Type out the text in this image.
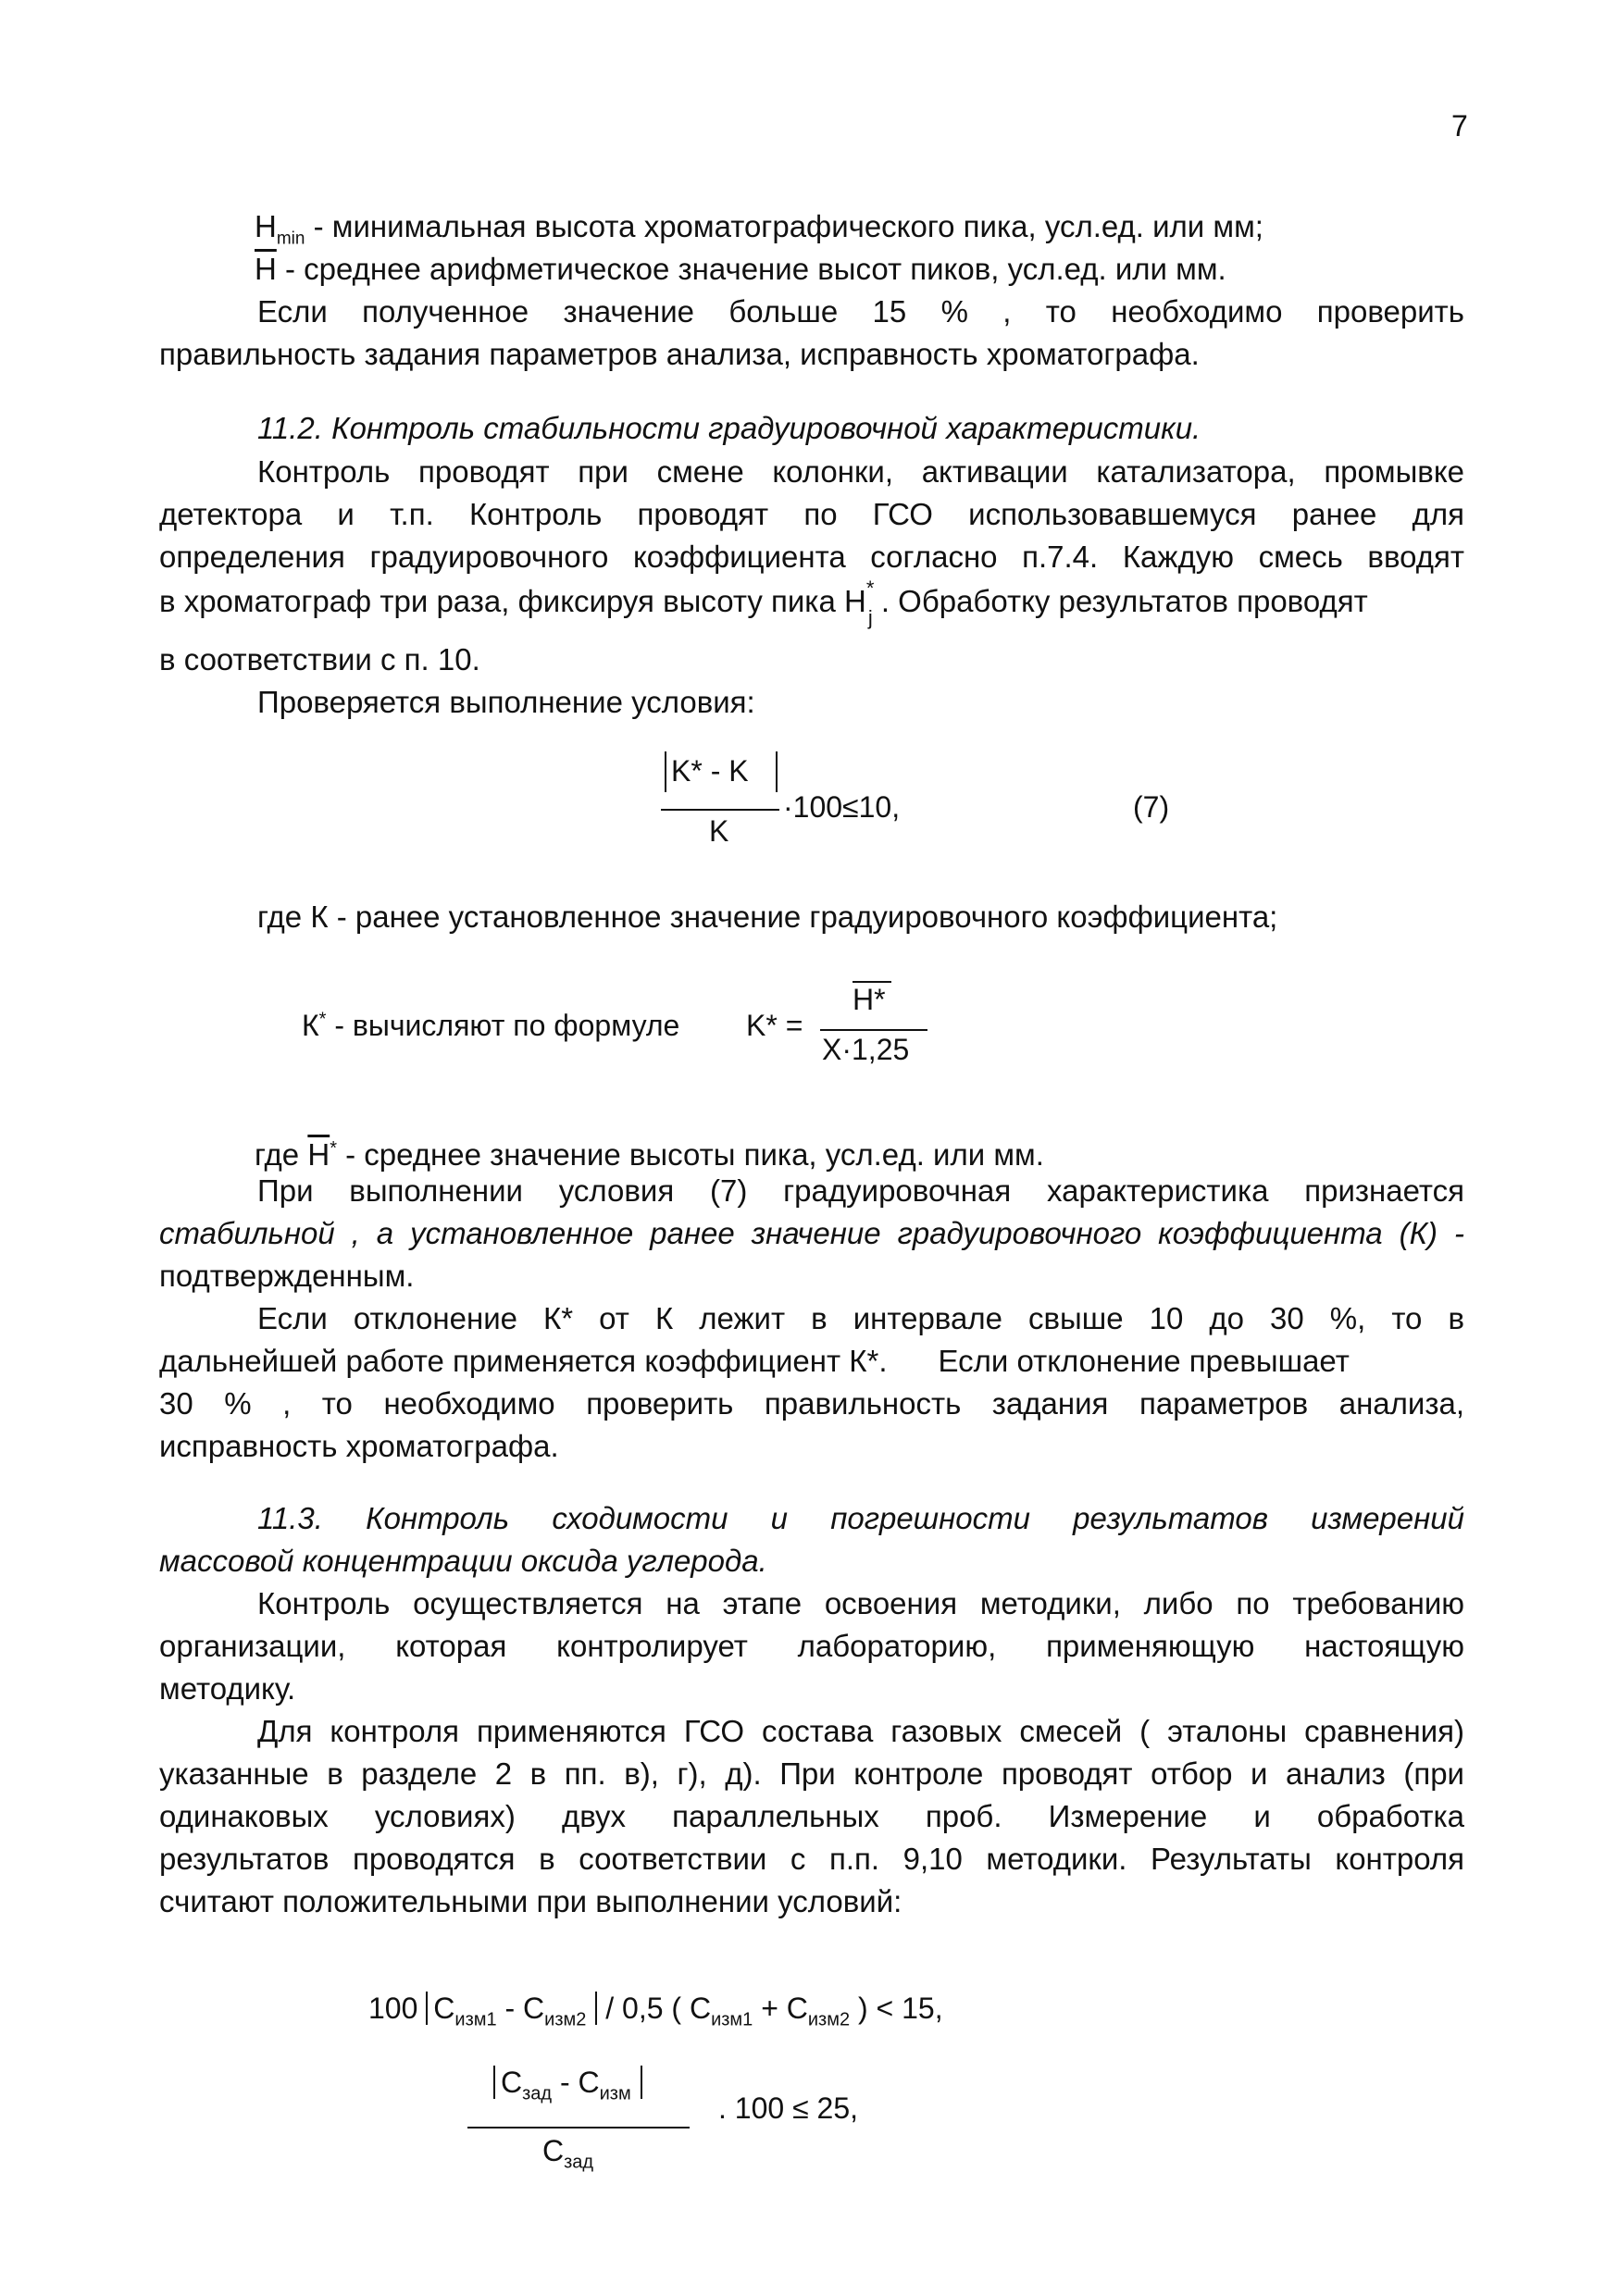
7
$H_{min}$ - минимальная высота хроматографического пика, усл.ед. или мм;
$\overline{H}$ - среднее арифметическое значение высот пиков, усл.ед. или мм.
Если полученное значение больше 15 % , то необходимо проверить
правильность задания параметров анализа, исправность хроматографа.
11.2. Контроль стабильности градуировочной характеристики.
Контроль проводят при смене колонки, активации катализатора, промывке
детектора и т.п. Контроль проводят по ГСО использовавшемуся ранее для
определения градуировочного коэффициента согласно п.7.4. Каждую смесь вводят
в хроматограф три раза, фиксируя высоту пика H *
j . Обработку результатов проводят
в соответствии с п. 10.
Проверяется выполнение условия:
K* - K
K
·100≤10,	(7)
где К - ранее установленное значение градуировочного коэффициента;
К* - вычисляют по формуле K* =
H*
X·1,25
где $\overline{H}^*$ - среднее значение высоты пика, усл.ед. или мм.
При выполнении условия (7) градуировочная характеристика признается
стабильной , а установленное ранее значение градуировочного коэффициента (К) -
подтвержденным.
Если отклонение К* от К лежит в интервале свыше 10 до 30 %, то в
дальнейшей работе применяется коэффициент К*.      Если отклонение превышает
30 % , то необходимо проверить правильность задания параметров анализа,
исправность хроматографа.
11.3. Контроль сходимости и погрешности результатов измерений
массовой концентрации оксида углерода.
Контроль осуществляется на этапе освоения методики, либо по требованию
организации, которая контролирует лабораторию, применяющую настоящую
методику.
Для контроля применяются ГСО состава газовых смесей ( эталоны сравнения)
указанные в разделе 2 в пп. в), г), д). При контроле проводят отбор и анализ (при
одинаковых условиях) двух параллельных проб. Измерение и обработка
результатов проводятся в соответствии с п.п. 9,10 методики. Результаты контроля
считают положительными при выполнении условий:
100 $С_{изм1} - С_{изм2} / 0,5$ ( $С_{изм1} + С_{изм2}$ ) < 15,
$С_{зад} - С_{изм}$
$С_{зад}$
. 100 ≤ 25,
